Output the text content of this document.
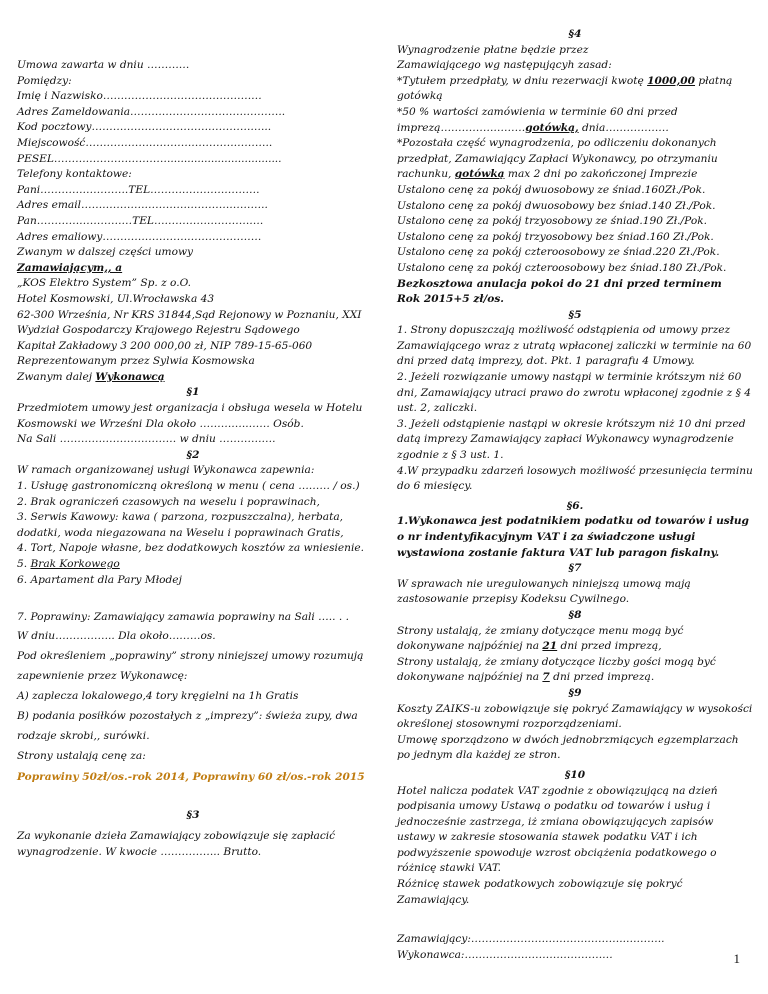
Umowa zawarta w dniu …………

Pomiędzy:

Imię i Nazwisko………………………………………

Adres Zameldowania……………………………………..

Kod pocztowy…………………………………………...

Miejscowość……………………………………………..

PESEL…………………………….................................

Telefony kontaktowe:

Pani…………………….TEL………………………….

Adres email……………………………………………..

Pan………………………TEL………………………….

Adres emaliowy………………………………………

Zwanym w dalszej części umowy

Zamawiającym,, a

„KOS Elektro System” Sp. z o.O.

Hotel Kosmowski, Ul.Wrocławska 43

62-300 Września, Nr KRS 31844,Sąd Rejonowy w Poznaniu, XXI Wydział Gospodarczy Krajowego Rejestru Sądowego

Kapitał Zakładowy 3 200 000,00 zł, NIP 789-15-65-060

Reprezentowanym przez Sylwia Kosmowska

Zwanym dalej Wykonawcą

§1

Przedmiotem umowy jest organizacja i obsługa wesela w Hotelu Kosmowski we Wrześni Dla około …………..…… Osób.

Na Sali …………………………… w dniu …………….

§2

W ramach organizowanej usługi Wykonawca zapewnia:

1. Usługę gastronomiczną określoną w menu ( cena ……… / os.)

2. Brak ograniczeń czasowych na weselu i poprawinach,

3. Serwis Kawowy: kawa ( parzona, rozpuszczalna), herbata, dodatki, woda niegazowana na Weselu i poprawinach Gratis,

4. Tort, Napoje własne, bez dodatkowych kosztów za wniesienie.

5. Brak Korkowego

6. Apartament dla Pary Młodej

7. Poprawiny: Zamawiający zamawia poprawiny na Sali ….. . .

W dniu…………….. Dla około………os.

Pod określeniem „poprawiny” strony niniejszej umowy rozumują zapewnienie przez Wykonawcę:

A) zaplecza lokalowego,4 tory kręgielni na 1h Gratis

B) podania posiłków pozostałych z „imprezy”: świeża zupy, dwa rodzaje skrobi,, surówki.

Strony ustalają cenę za:

Poprawiny 50zł/os.-rok 2014, Poprawiny 60 zł/os.-rok 2015

§3

Za wykonanie dzieła Zamawiający zobowiązuje się zapłacić wynagrodzenie. W kwocie …………….. Brutto.

§4

Wynagrodzenie płatne będzie przez

Zamawiającego wg następującyh zasad:

*Tytułem przedpłaty, w dniu rezerwacji kwotę 1000,00 płatną gotówką

*50 % wartości zamówienia w terminie 60 dni przed imprezą……………………gotówką, dnia………………

*Pozostała część wynagrodzenia, po odliczeniu dokonanych przedpłat, Zamawiający Zapłaci Wykonawcy, po otrzymaniu rachunku, gotówką max 2 dni po zakończonej Imprezie

Ustalono cenę za pokój dwuosobowy ze śniad.160Zł./Pok.

Ustalono cenę za pokój dwuosobowy bez śniad.140 Zł./Pok.

Ustalono cenę za pokój trzyosobowy ze śniad.190 Zł./Pok.

Ustalono cenę za pokój trzyosobowy bez śniad.160 Zł./Pok.

Ustalono cenę za pokój czteroosobowy ze śniad.220 Zł./Pok.

Ustalono cenę za pokój czteroosobowy bez śniad.180 Zł./Pok.

Bezkosztowa anulacja pokoi do 21 dni przed terminem

Rok 2015+5 zł/os.

§5

1. Strony dopuszczają możliwość odstąpienia od umowy przez Zamawiającego wraz z utratą wpłaconej zaliczki w terminie na 60 dni przed datą imprezy, dot. Pkt. 1 paragrafu 4 Umowy.

2. Jeżeli rozwiązanie umowy nastąpi w terminie krótszym niż 60 dni, Zamawiający utraci prawo do zwrotu wpłaconej zgodnie z § 4 ust. 2, zaliczki.

3. Jeżeli odstąpienie nastąpi w okresie krótszym niż 10 dni przed datą imprezy Zamawiający zapłaci Wykonawcy wynagrodzenie zgodnie z § 3 ust. 1.

4.W przypadku zdarzeń losowych możliwość przesunięcia terminu do 6 miesięcy.

§6.

1.Wykonawca jest podatnikiem podatku od towarów i usług o nr indentyfikacyjnym VAT i za świadczone usługi wystawiona zostanie faktura VAT lub paragon fiskalny.

§7

W sprawach nie uregulowanych niniejszą umową mają zastosowanie przepisy Kodeksu Cywilnego.

§8

Strony ustalają, że zmiany dotyczące menu mogą być dokonywane najpóźniej na 21 dni przed imprezą,

Strony ustalają, że zmiany dotyczące liczby gości mogą być dokonywane najpóźniej na 7 dni przed imprezą.

§9

Koszty ZAIKS-u zobowiązuje się pokryć Zamawiający w wysokości określonej stosownymi rozporządzeniami.

Umowę sporządzono w dwóch jednobrzmiących egzemplarzach po jednym dla każdej ze stron.

§10

Hotel nalicza podatek VAT zgodnie z obowiązującą na dzień podpisania umowy Ustawą o podatku od towarów i usług i jednocześnie zastrzega, iż zmiana obowiązujących zapisów ustawy w zakresie stosowania stawek podatku VAT i ich podwyższenie spowoduje wzrost obciążenia podatkowego o różnicę stawki VAT.

Różnicę stawek podatkowych zobowiązuje się pokryć Zamawiający.

Zamawiający:……………………………………..………..

Wykonawca:……………………………………	1
